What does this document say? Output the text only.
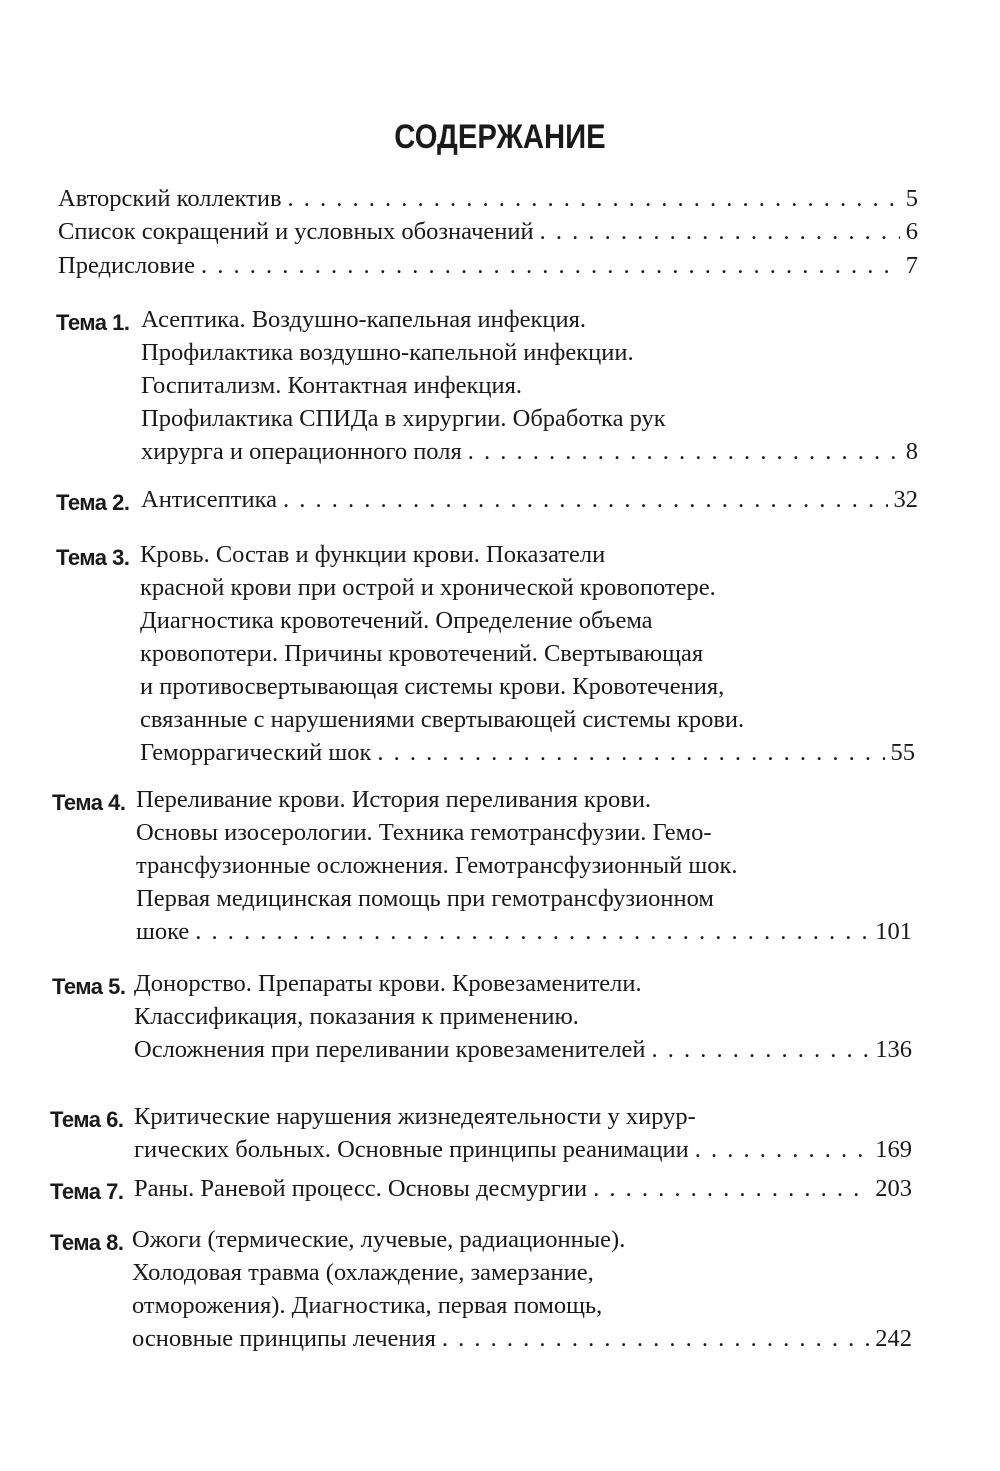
СОДЕРЖАНИЕ
Авторский коллектив . . .	5
Список сокращений и условных обозначений . . .	6
Предисловие . . .	7
Тема 1. Асептика. Воздушно-капельная инфекция.
Профилактика воздушно-капельной инфекции.
Госпитализм. Контактная инфекция.
Профилактика СПИДа в хирургии. Обработка рук
хирурга и операционного поля . . .	8
Тема 2. Антисептика . . .	32
Тема 3. Кровь. Состав и функции крови. Показатели
красной крови при острой и хронической кровопотере.
Диагностика кровотечений. Определение объема
кровопотери. Причины кровотечений. Свертывающая
и противосвертывающая системы крови. Кровотечения,
связанные с нарушениями свертывающей системы крови.
Геморрагический шок . . .	55
Тема 4. Переливание крови. История переливания крови.
Основы изосерологии. Техника гемотрансфузии. Гемо-
трансфузионные осложнения. Гемотрансфузионный шок.
Первая медицинская помощь при гемотрансфузионном
шоке . . .	101
Тема 5. Донорство. Препараты крови. Кровезаменители.
Классификация, показания к применению.
Осложнения при переливании кровезаменителей . . .	136
Тема 6. Критические нарушения жизнедеятельности у хирур-
гических больных. Основные принципы реанимации . . .	169
Тема 7. Раны. Раневой процесс. Основы десмургии . . .	203
Тема 8. Ожоги (термические, лучевые, радиационные).
Холодовая травма (охлаждение, замерзание,
отморожения). Диагностика, первая помощь,
основные принципы лечения . . .	242
